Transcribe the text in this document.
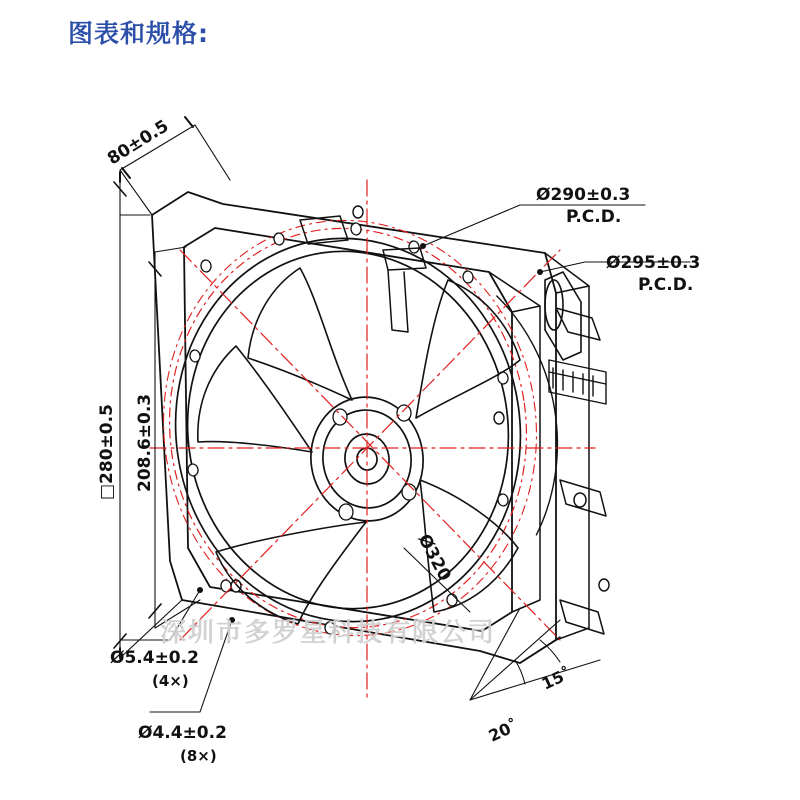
图表和规格:
80±0.5
□280±0.5 208.6±0.3
Ø290±0.3
P.C.D.
Ø295±0.3
P.C.D.
Ø320
Ø5.4±0.2
(4×)
Ø4.4±0.2
(8×)
15˚
20˚
深圳市多罗星科技有限公司
